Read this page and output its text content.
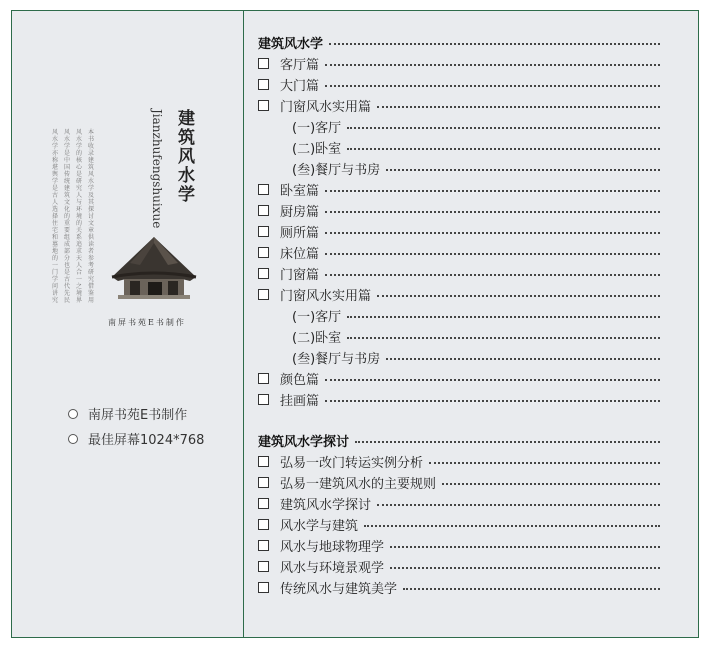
风水学亦称堪舆学是古人选择住宅和墓地的一门学问讲究
风水学是中国传统建筑文化的重要组成部分也是古代先民
风水学的核心是研究人与环境的关系追求天人合一之境界
本书收录建筑风水学及其探讨文章供读者参考研究借鉴用
Jianzhufengshuixue 建筑风水学
南屏书苑E书制作
南屏书苑E书制作
最佳屏幕1024*768
建筑风水学
客厅篇
大门篇
门窗风水实用篇
(一)客厅
(二)卧室
(叁)餐厅与书房
卧室篇
厨房篇
厕所篇
床位篇
门窗篇
门窗风水实用篇
(一)客厅
(二)卧室
(叁)餐厅与书房
颜色篇
挂画篇
建筑风水学探讨
弘易一改门转运实例分析
弘易一建筑风水的主要规则
建筑风水学探讨
风水学与建筑
风水与地球物理学
风水与环境景观学
传统风水与建筑美学
